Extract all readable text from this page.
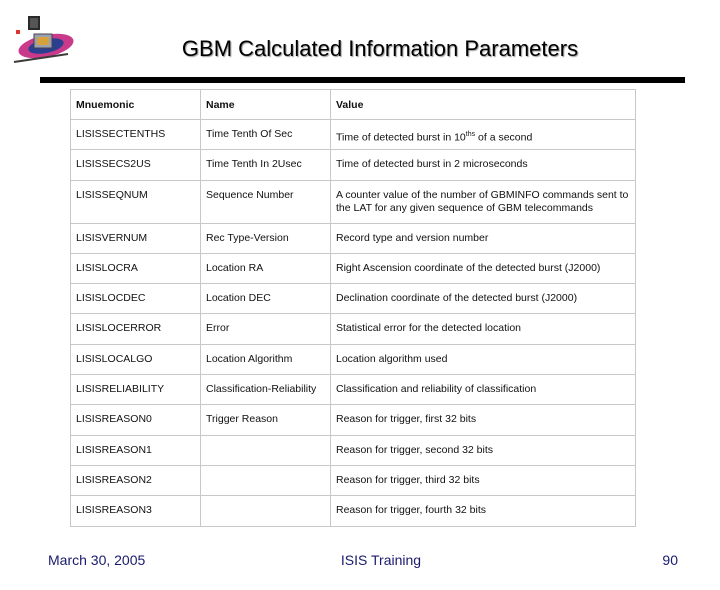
GBM Calculated Information Parameters
Mnuemonic	Name	Value
LISISSECTENTHS	Time Tenth Of Sec	Time of detected burst in $10^{ths}$ of a second
LISISSECS2US	Time Tenth In 2Usec	Time of detected burst in 2 microseconds
LISISSEQNUM	Sequence Number	A counter value of the number of GBMINFO commands sent to the LAT for any given sequence of GBM telecommands
LISISVERNUM	Rec Type-Version	Record type and version number
LISISLOCRA	Location RA	Right Ascension coordinate of the detected burst (J2000)
LISISLOCDEC	Location DEC	Declination coordinate of the detected burst (J2000)
LISISLOCERROR	Error	Statistical error for the detected location
LISISLOCALGO	Location Algorithm	Location algorithm used
LISISRELIABILITY	Classification-Reliability	Classification and reliability of classification
LISISREASON0	Trigger Reason	Reason for trigger, first 32 bits
LISISREASON1		Reason for trigger, second 32 bits
LISISREASON2		Reason for trigger, third 32 bits
LISISREASON3		Reason for trigger, fourth 32 bits
March 30, 2005	ISIS Training	90
